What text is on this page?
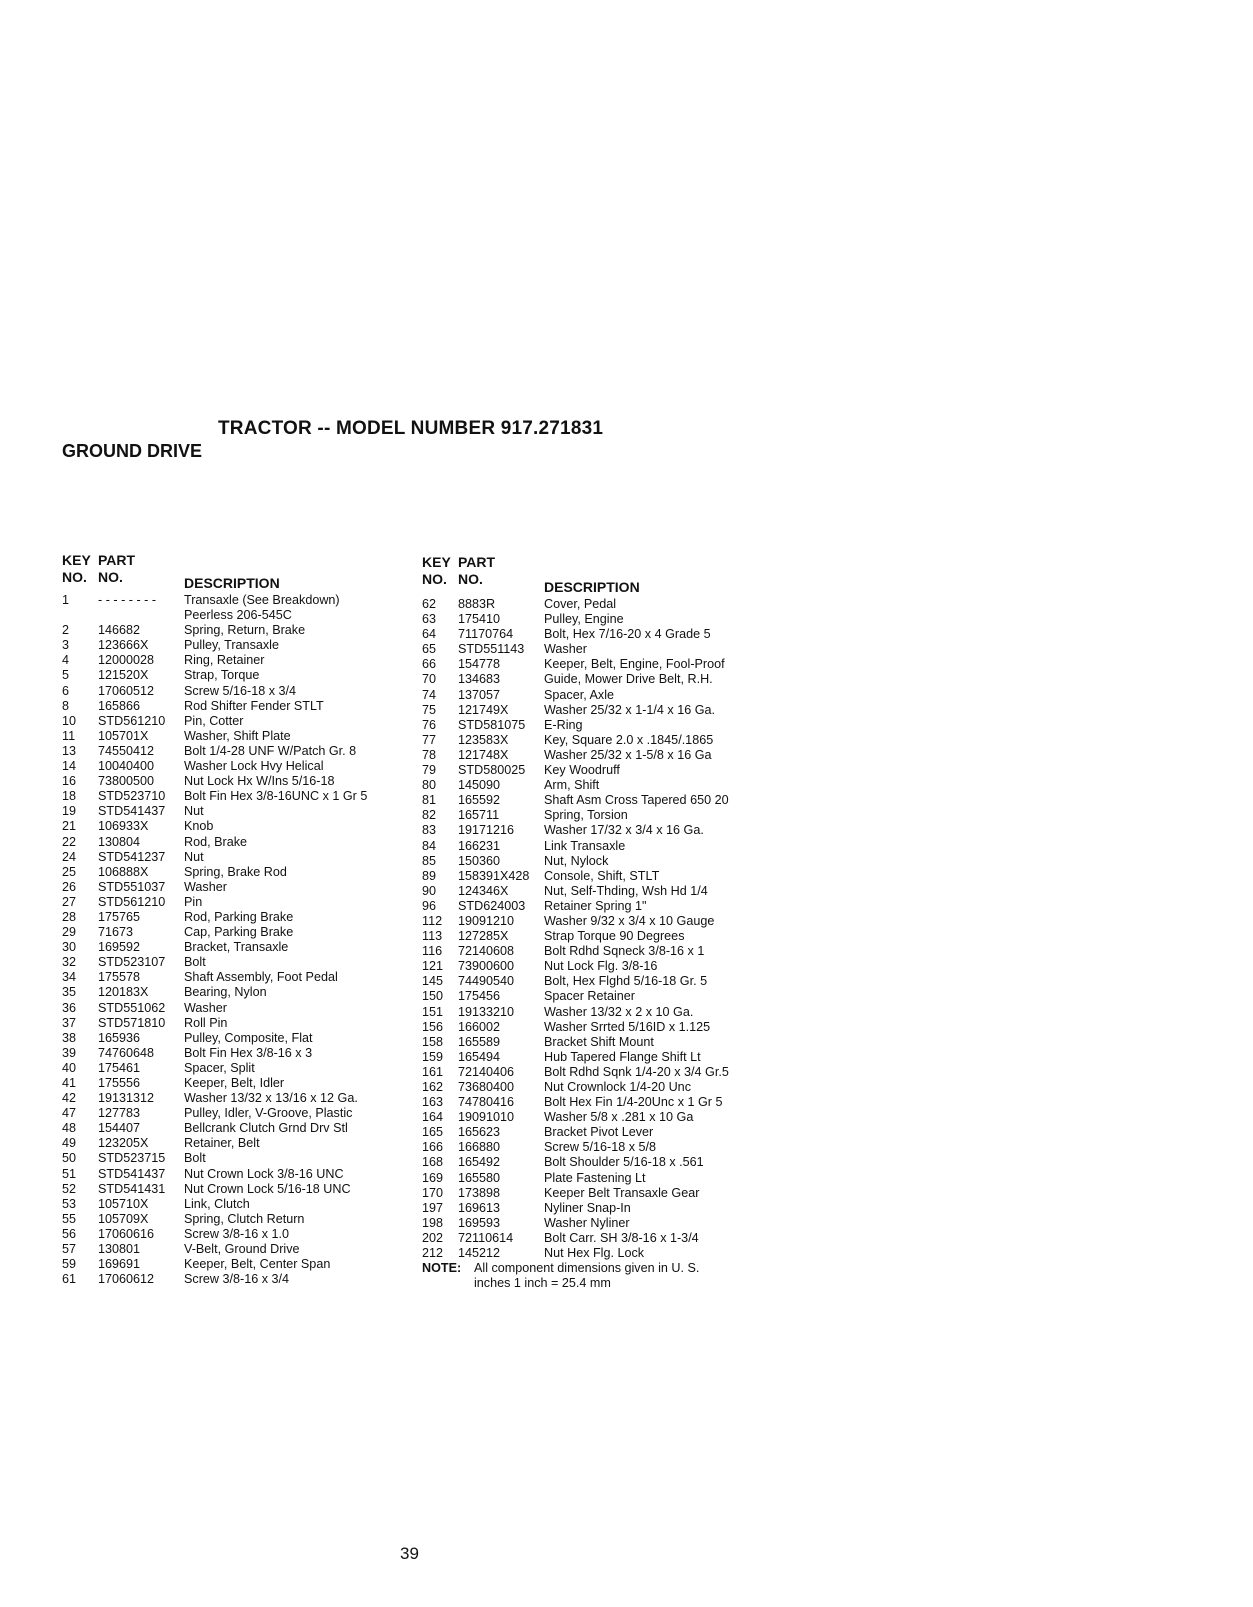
TRACTOR -- MODEL NUMBER 917.271831
GROUND DRIVE
KEY
NO.
PART
NO.	DESCRIPTION
1	- - - - - - - -	Transaxle (See Breakdown)
Peerless 206-545C
2	146682	Spring, Return, Brake
3	123666X	Pulley, Transaxle
4	12000028	Ring, Retainer
5	121520X	Strap, Torque
6	17060512	Screw 5/16-18 x 3/4
8	165866	Rod Shifter Fender STLT
10	STD561210	Pin, Cotter
11	105701X	Washer, Shift Plate
13	74550412	Bolt 1/4-28 UNF W/Patch Gr. 8
14	10040400	Washer Lock Hvy Helical
16	73800500	Nut Lock Hx W/Ins 5/16-18
18	STD523710	Bolt Fin Hex 3/8-16UNC x 1 Gr 5
19	STD541437	Nut
21	106933X	Knob
22	130804	Rod, Brake
24	STD541237	Nut
25	106888X	Spring, Brake Rod
26	STD551037	Washer
27	STD561210	Pin
28	175765	Rod, Parking Brake
29	71673	Cap, Parking Brake
30	169592	Bracket, Transaxle
32	STD523107	Bolt
34	175578	Shaft Assembly, Foot Pedal
35	120183X	Bearing, Nylon
36	STD551062	Washer
37	STD571810	Roll Pin
38	165936	Pulley, Composite, Flat
39	74760648	Bolt Fin Hex 3/8-16 x 3
40	175461	Spacer, Split
41	175556	Keeper, Belt, Idler
42	19131312	Washer 13/32 x 13/16 x 12 Ga.
47	127783	Pulley, Idler, V-Groove, Plastic
48	154407	Bellcrank Clutch Grnd Drv Stl
49	123205X	Retainer, Belt
50	STD523715	Bolt
51	STD541437	Nut Crown Lock 3/8-16 UNC
52	STD541431	Nut Crown Lock 5/16-18 UNC
53	105710X	Link, Clutch
55	105709X	Spring, Clutch Return
56	17060616	Screw 3/8-16 x 1.0
57	130801	V-Belt, Ground Drive
59	169691	Keeper, Belt, Center Span
61	17060612	Screw 3/8-16 x 3/4
KEY
NO.
PART
NO.	DESCRIPTION
62	8883R	Cover, Pedal
63	175410	Pulley, Engine
64	71170764	Bolt, Hex 7/16-20 x 4 Grade 5
65	STD551143	Washer
66	154778	Keeper, Belt, Engine, Fool-Proof
70	134683	Guide, Mower Drive Belt, R.H.
74	137057	Spacer, Axle
75	121749X	Washer 25/32 x 1-1/4 x 16 Ga.
76	STD581075	E-Ring
77	123583X	Key, Square 2.0 x .1845/.1865
78	121748X	Washer 25/32 x 1-5/8 x 16 Ga
79	STD580025	Key Woodruff
80	145090	Arm, Shift
81	165592	Shaft Asm Cross Tapered 650 20
82	165711	Spring, Torsion
83	19171216	Washer 17/32 x 3/4 x 16 Ga.
84	166231	Link Transaxle
85	150360	Nut, Nylock
89	158391X428	Console, Shift, STLT
90	124346X	Nut, Self-Thding, Wsh Hd 1/4
96	STD624003	Retainer Spring 1"
112	19091210	Washer 9/32 x 3/4 x 10 Gauge
113	127285X	Strap Torque 90 Degrees
116	72140608	Bolt Rdhd Sqneck 3/8-16 x 1
121	73900600	Nut Lock Flg. 3/8-16
145	74490540	Bolt, Hex Flghd 5/16-18 Gr. 5
150	175456	Spacer Retainer
151	19133210	Washer 13/32 x 2 x 10 Ga.
156	166002	Washer Srrted 5/16ID x 1.125
158	165589	Bracket Shift Mount
159	165494	Hub Tapered Flange Shift Lt
161	72140406	Bolt Rdhd Sqnk 1/4-20 x 3/4 Gr.5
162	73680400	Nut Crownlock 1/4-20 Unc
163	74780416	Bolt Hex Fin 1/4-20Unc x 1 Gr 5
164	19091010	Washer 5/8 x .281 x 10 Ga
165	165623	Bracket Pivot Lever
166	166880	Screw 5/16-18 x 5/8
168	165492	Bolt Shoulder 5/16-18 x .561
169	165580	Plate Fastening Lt
170	173898	Keeper Belt Transaxle Gear
197	169613	Nyliner Snap-In
198	169593	Washer Nyliner
202	72110614	Bolt Carr. SH 3/8-16 x 1-3/4
212	145212	Nut Hex Flg. Lock
NOTE:	All component dimensions given in U. S.
inches 1 inch = 25.4 mm

39
